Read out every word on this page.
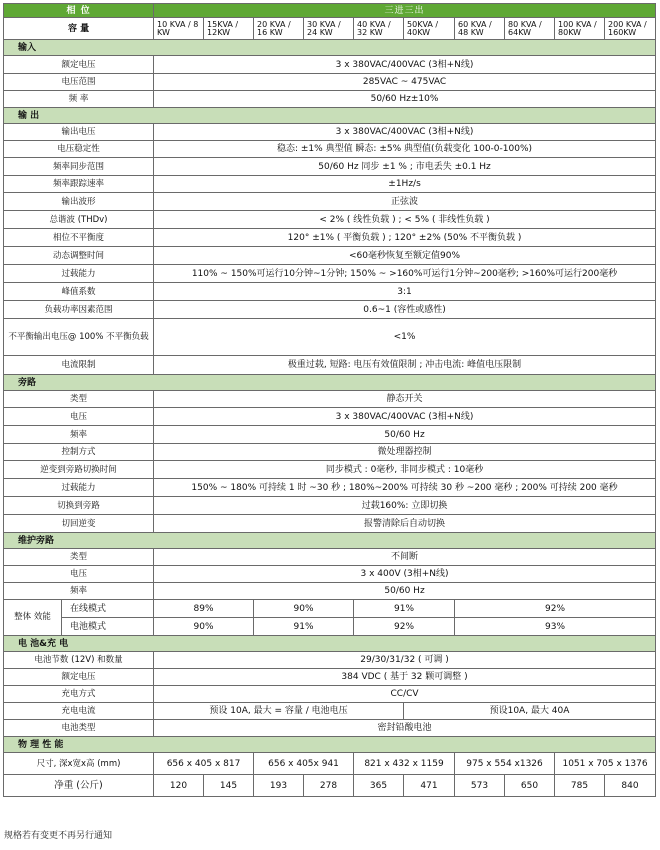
相 位		三进三出									
容 量		10 KVA / 8 KW	15KVA / 12KW	20 KVA / 16 KW	30 KVA / 24 KW	40 KVA / 32 KW	50KVA / 40KW	60 KVA / 48 KW	80 KVA / 64KW	100 KVA / 80KW	200 KVA / 160KW
输入											
额定电压		3 x 380VAC/400VAC (3相+N线)									
电压范围		285VAC ~ 475VAC									
频 率		50/60 Hz±10%									
输 出											
输出电压		3 x 380VAC/400VAC (3相+N线)									
电压稳定性		稳态: ±1% 典型值 瞬态: ±5% 典型值(负载变化 100-0-100%)									
频率同步范围		50/60 Hz 同步 ±1 % ; 市电丢失 ±0.1 Hz									
频率跟踪速率		±1Hz/s									
输出波形		正弦波									
总谐波 (THDv)		< 2% ( 线性负载 ) ; < 5% ( 非线性负载 )									
相位不平衡度		120° ±1% ( 平衡负载 ) ; 120° ±2% (50% 不平衡负载 )									
动态调整时间		<60毫秒恢复至额定值90%									
过载能力		110% ~ 150%可运行10分钟~1分钟; 150% ~ >160%可运行1分钟~200毫秒; >160%可运行200毫秒									
峰值系数		3:1									
负载功率因素范围		0.6~1 (容性或感性)									
不平衡输出电压@ 100% 不平衡负载		<1%									
电流限制		极重过载, 短路: 电压有效值限制 ; 冲击电流: 峰值电压限制									
旁路											
类型		静态开关									
电压		3 x 380VAC/400VAC (3相+N线)									
频率		50/60 Hz									
控制方式		微处理器控制									
逆变到旁路切换时间		同步模式 : 0毫秒, 非同步模式 : 10毫秒									
过载能力		150% ~ 180% 可持续 1 时 ~30 秒 ; 180%~200% 可持续 30 秒 ~200 毫秒 ; 200% 可持续 200 毫秒									
切换到旁路		过载160%: 立即切换									
切回逆变		报警清除后自动切换									
维护旁路											
类型		不间断									
电压		3 x 400V (3相+N线)									
频率		50/60 Hz									
整体 效能	在线模式	89%		90%		91%		92%			
	电池模式	90%		91%		92%		93%			
电 池&充 电											
电池节数 (12V) 和数量		29/30/31/32 ( 可调 )									
额定电压		384 VDC ( 基于 32 颗可调整 )									
充电方式		CC/CV									
充电电流		预设 10A, 最大 = 容量 / 电池电压					预设10A, 最大 40A				
电池类型		密封铅酸电池									
物 理 性 能											
尺寸, 深x宽x高 (mm)		656 x 405 x 817		656 x 405x 941		821 x 432 x 1159		975 x 554 x1326		1051 x 705 x 1376	
净重 (公斤)		120	145	193	278	365	471	573	650	785	840
规格若有变更不再另行通知
